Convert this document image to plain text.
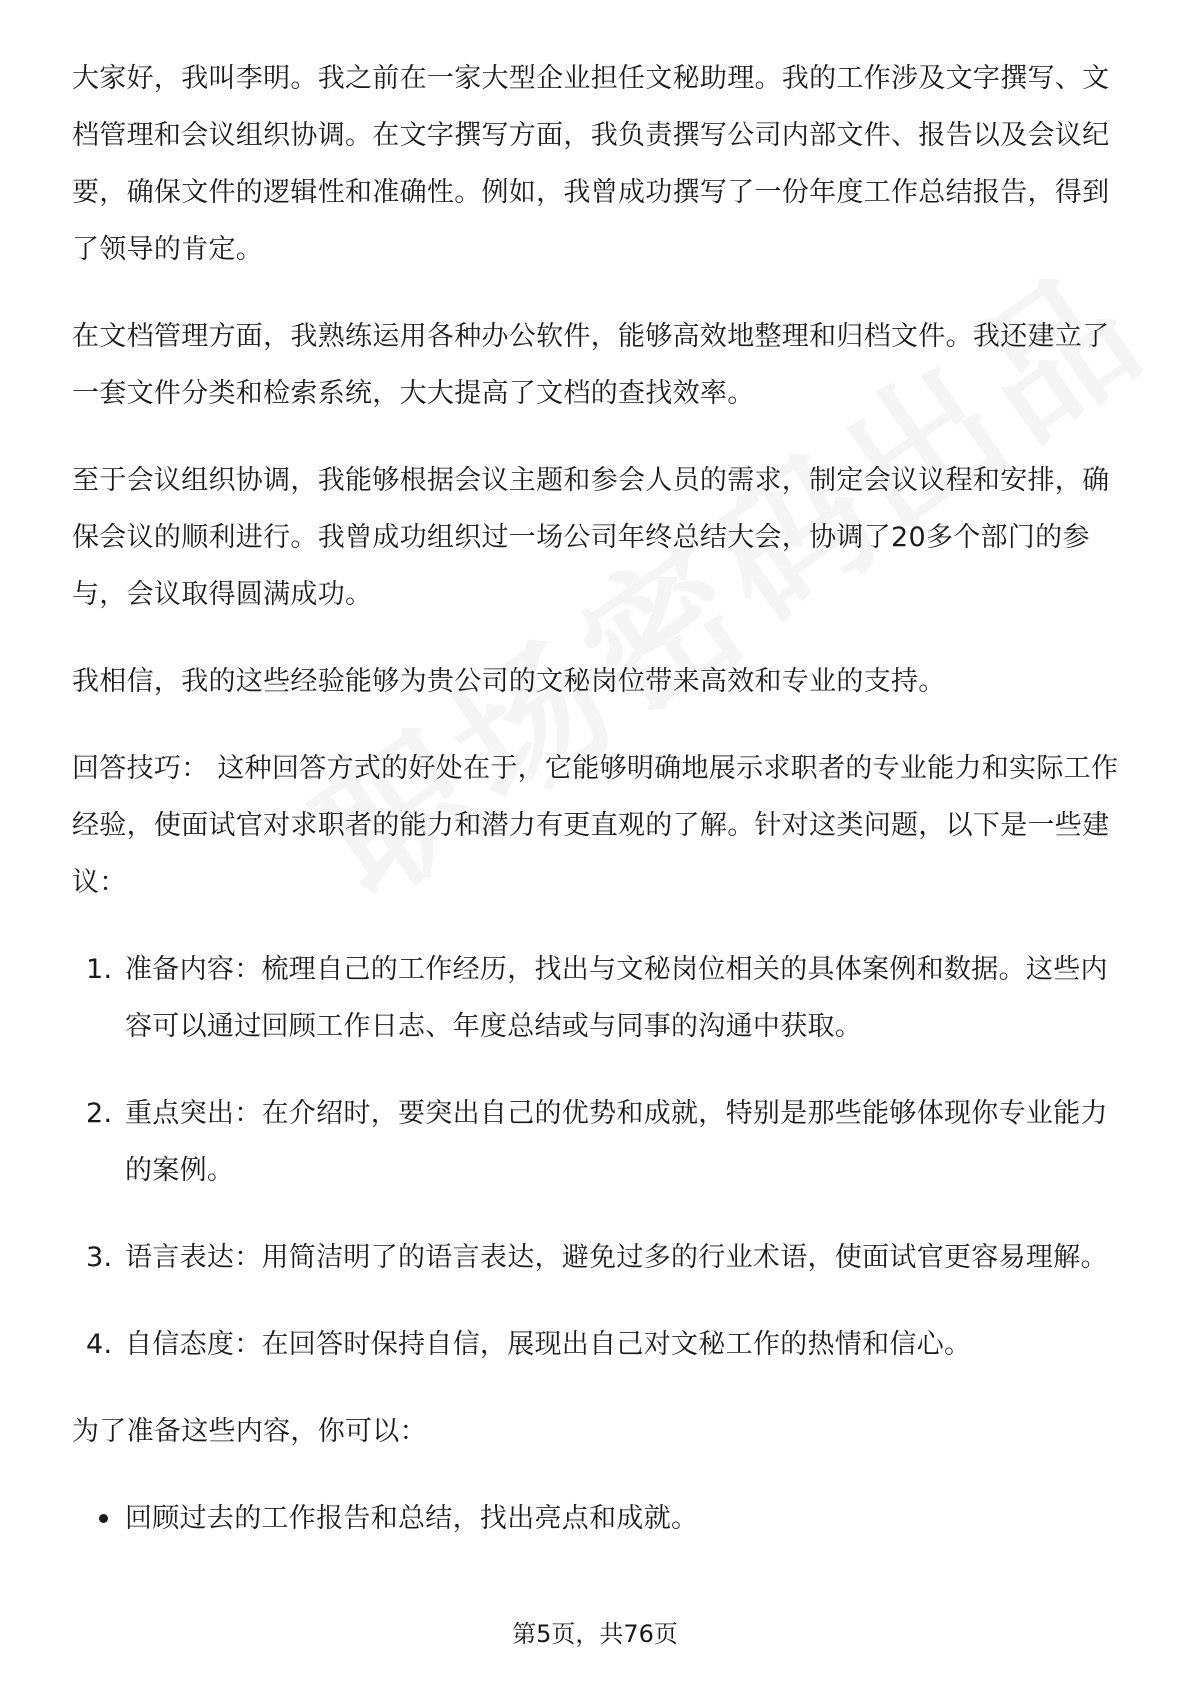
大家好，我叫李明。我之前在一家大型企业担任文秘助理。我的工作涉及文字撰写、文档管理和会议组织协调。在文字撰写方面，我负责撰写公司内部文件、报告以及会议纪要，确保文件的逻辑性和准确性。例如，我曾成功撰写了一份年度工作总结报告，得到了领导的肯定。

在文档管理方面，我熟练运用各种办公软件，能够高效地整理和归档文件。我还建立了一套文件分类和检索系统，大大提高了文档的查找效率。

至于会议组织协调，我能够根据会议主题和参会人员的需求，制定会议议程和安排，确保会议的顺利进行。我曾成功组织过一场公司年终总结大会，协调了20多个部门的参与，会议取得圆满成功。

我相信，我的这些经验能够为贵公司的文秘岗位带来高效和专业的支持。

回答技巧： 这种回答方式的好处在于，它能够明确地展示求职者的专业能力和实际工作经验，使面试官对求职者的能力和潜力有更直观的了解。针对这类问题，以下是一些建议：

1. 准备内容：梳理自己的工作经历，找出与文秘岗位相关的具体案例和数据。这些内容可以通过回顾工作日志、年度总结或与同事的沟通中获取。
2. 重点突出：在介绍时，要突出自己的优势和成就，特别是那些能够体现你专业能力的案例。
3. 语言表达：用简洁明了的语言表达，避免过多的行业术语，使面试官更容易理解。
4. 自信态度：在回答时保持自信，展现出自己对文秘工作的热情和信心。

为了准备这些内容，你可以：

回顾过去的工作报告和总结，找出亮点和成就。
第5页，共76页
